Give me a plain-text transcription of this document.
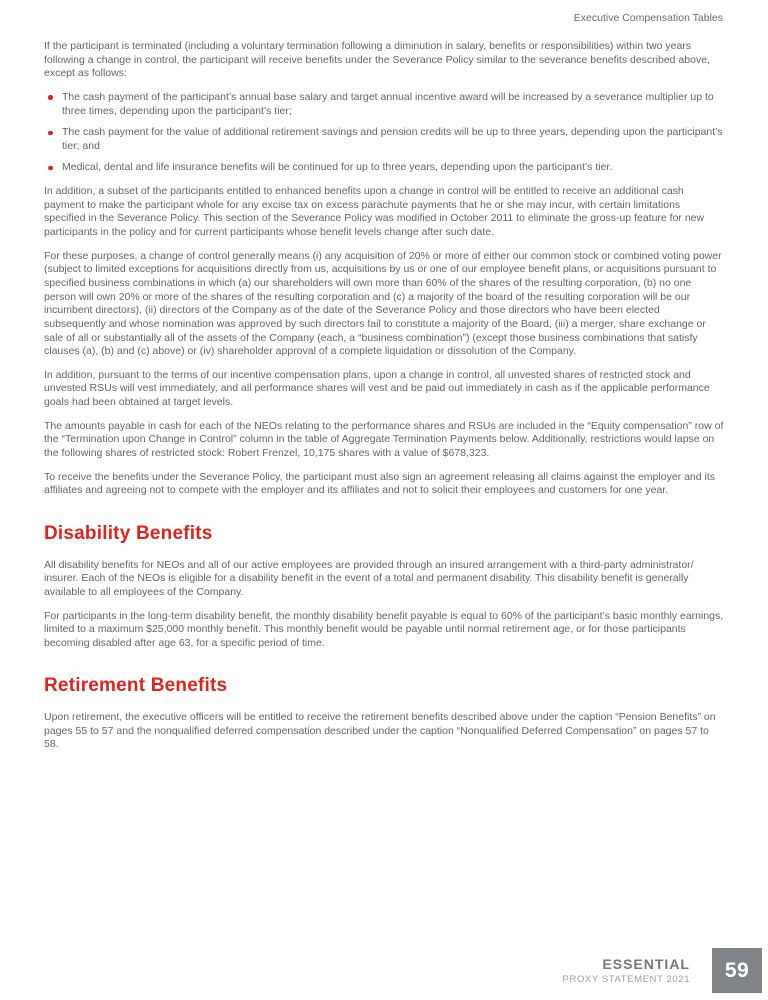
Executive Compensation Tables

If the participant is terminated (including a voluntary termination following a diminution in salary, benefits or responsibilities) within two years following a change in control, the participant will receive benefits under the Severance Policy similar to the severance benefits described above, except as follows:

The cash payment of the participant’s annual base salary and target annual incentive award will be increased by a severance multiplier up to three times, depending upon the participant’s tier;
The cash payment for the value of additional retirement savings and pension credits will be up to three years, depending upon the participant’s tier; and
Medical, dental and life insurance benefits will be continued for up to three years, depending upon the participant’s tier.

In addition, a subset of the participants entitled to enhanced benefits upon a change in control will be entitled to receive an additional cash payment to make the participant whole for any excise tax on excess parachute payments that he or she may incur, with certain limitations specified in the Severance Policy. This section of the Severance Policy was modified in October 2011 to eliminate the gross-up feature for new participants in the policy and for current participants whose benefit levels change after such date.

For these purposes, a change of control generally means (i) any acquisition of 20% or more of either our common stock or combined voting power (subject to limited exceptions for acquisitions directly from us, acquisitions by us or one of our employee benefit plans, or acquisitions pursuant to specified business combinations in which (a) our shareholders will own more than 60% of the shares of the resulting corporation, (b) no one person will own 20% or more of the shares of the resulting corporation and (c) a majority of the board of the resulting corporation will be our incumbent directors), (ii) directors of the Company as of the date of the Severance Policy and those directors who have been elected subsequently and whose nomination was approved by such directors fail to constitute a majority of the Board, (iii) a merger, share exchange or sale of all or substantially all of the assets of the Company (each, a “business combination”) (except those business combinations that satisfy clauses (a), (b) and (c) above) or (iv) shareholder approval of a complete liquidation or dissolution of the Company.

In addition, pursuant to the terms of our incentive compensation plans, upon a change in control, all unvested shares of restricted stock and unvested RSUs will vest immediately, and all performance shares will vest and be paid out immediately in cash as if the applicable performance goals had been obtained at target levels.

The amounts payable in cash for each of the NEOs relating to the performance shares and RSUs are included in the “Equity compensation” row of the “Termination upon Change in Control” column in the table of Aggregate Termination Payments below. Additionally, restrictions would lapse on the following shares of restricted stock: Robert Frenzel, 10,175 shares with a value of $678,323.

To receive the benefits under the Severance Policy, the participant must also sign an agreement releasing all claims against the employer and its affiliates and agreeing not to compete with the employer and its affiliates and not to solicit their employees and customers for one year.

Disability Benefits

All disability benefits for NEOs and all of our active employees are provided through an insured arrangement with a third-party administrator/ insurer. Each of the NEOs is eligible for a disability benefit in the event of a total and permanent disability. This disability benefit is generally available to all employees of the Company.

For participants in the long-term disability benefit, the monthly disability benefit payable is equal to 60% of the participant’s basic monthly earnings, limited to a maximum $25,000 monthly benefit. This monthly benefit would be payable until normal retirement age, or for those participants becoming disabled after age 63, for a specific period of time.

Retirement Benefits

Upon retirement, the executive officers will be entitled to receive the retirement benefits described above under the caption “Pension Benefits” on pages 55 to 57 and the nonqualified deferred compensation described under the caption “Nonqualified Deferred Compensation” on pages 57 to 58.

ESSENTIAL
PROXY STATEMENT 2021 59
